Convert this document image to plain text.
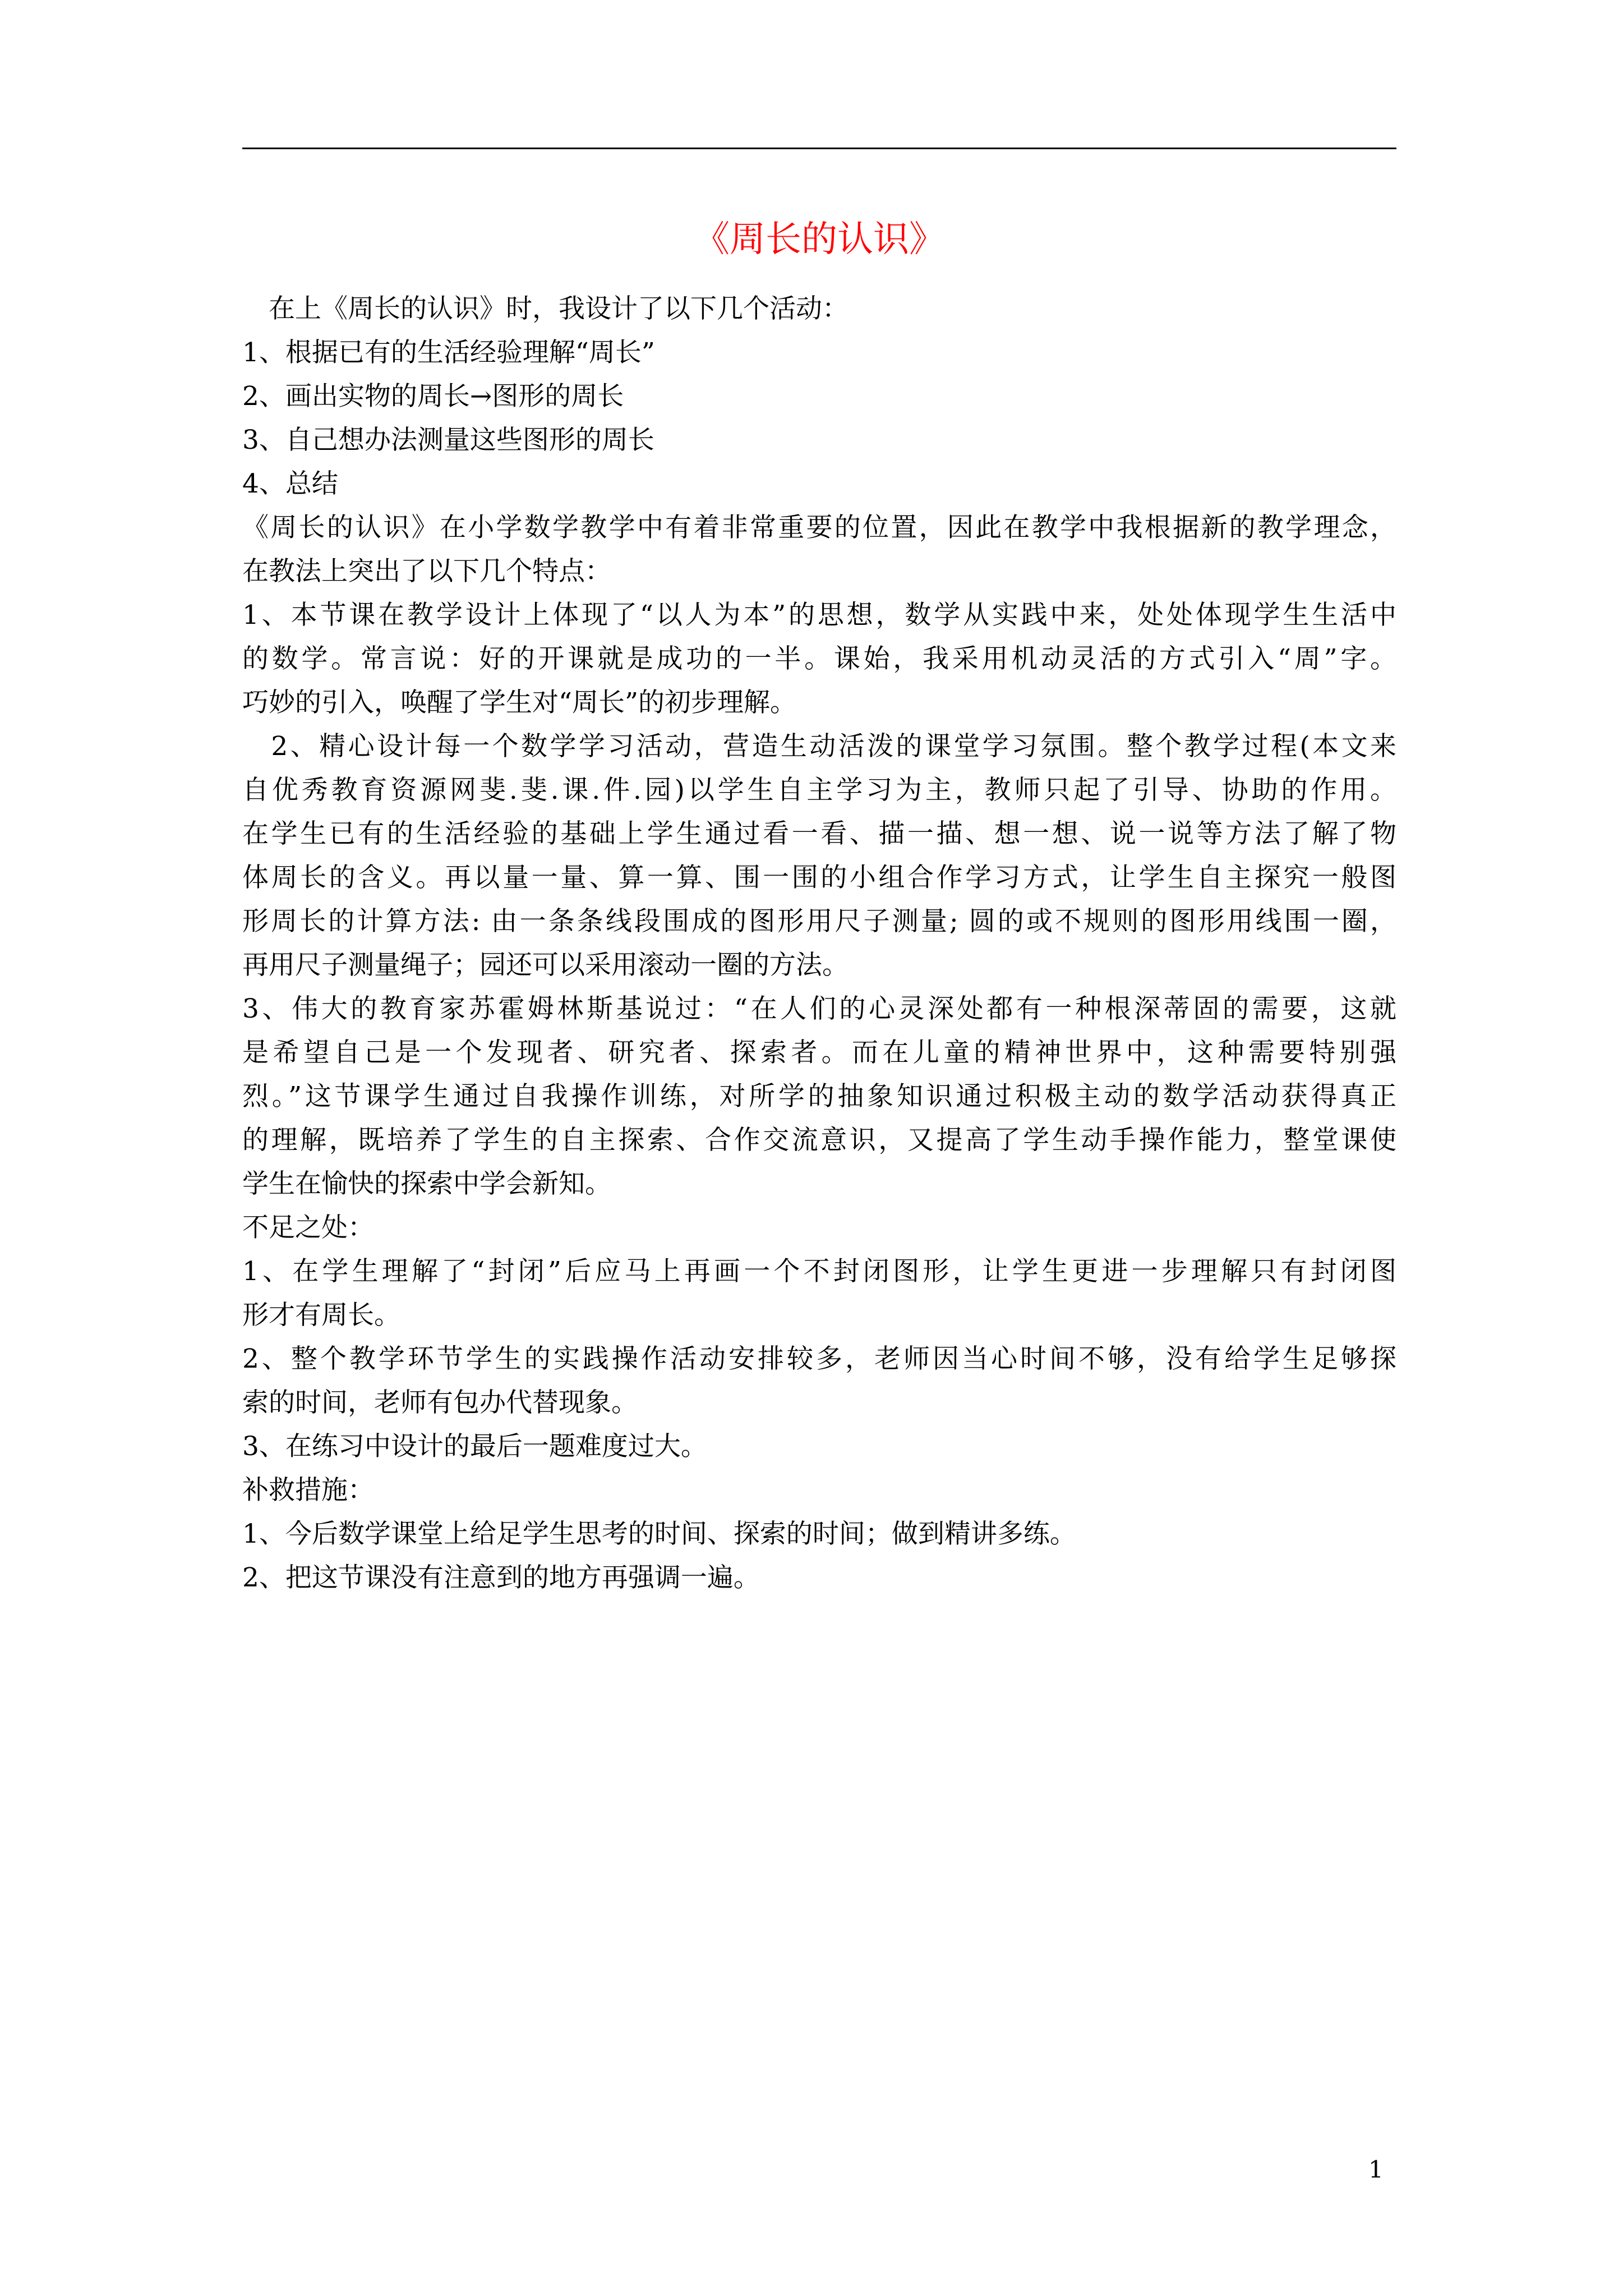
《周长的认识》
　在上《周长的认识》时，我设计了以下几个活动：
1、根据已有的生活经验理解“周长”
2、画出实物的周长→图形的周长
3、自己想办法测量这些图形的周长
4、总结
《周长的认识》在小学数学教学中有着非常重要的位置，因此在教学中我根据新的教学理念，
在教法上突出了以下几个特点：
1、本节课在教学设计上体现了“以人为本”的思想，数学从实践中来，处处体现学生生活中
的数学。常言说：好的开课就是成功的一半。课始，我采用机动灵活的方式引入“周”字。
巧妙的引入，唤醒了学生对“周长”的初步理解。
　2、精心设计每一个数学学习活动，营造生动活泼的课堂学习氛围。整个教学过程(本文来
自优秀教育资源网斐.斐.课.件.园)以学生自主学习为主，教师只起了引导、协助的作用。
在学生已有的生活经验的基础上学生通过看一看、描一描、想一想、说一说等方法了解了物
体周长的含义。再以量一量、算一算、围一围的小组合作学习方式，让学生自主探究一般图
形周长的计算方法: 由一条条线段围成的图形用尺子测量; 圆的或不规则的图形用线围一圈，
再用尺子测量绳子；园还可以采用滚动一圈的方法。
3、伟大的教育家苏霍姆林斯基说过：“在人们的心灵深处都有一种根深蒂固的需要，这就
是希望自己是一个发现者、研究者、探索者。而在儿童的精神世界中，这种需要特别强
烈。”这节课学生通过自我操作训练，对所学的抽象知识通过积极主动的数学活动获得真正
的理解，既培养了学生的自主探索、合作交流意识，又提高了学生动手操作能力，整堂课使
学生在愉快的探索中学会新知。
不足之处：
1、在学生理解了“封闭”后应马上再画一个不封闭图形，让学生更进一步理解只有封闭图
形才有周长。
2、整个教学环节学生的实践操作活动安排较多，老师因当心时间不够，没有给学生足够探
索的时间，老师有包办代替现象。
3、在练习中设计的最后一题难度过大。
补救措施：
1、今后数学课堂上给足学生思考的时间、探索的时间；做到精讲多练。
2、把这节课没有注意到的地方再强调一遍。
1
